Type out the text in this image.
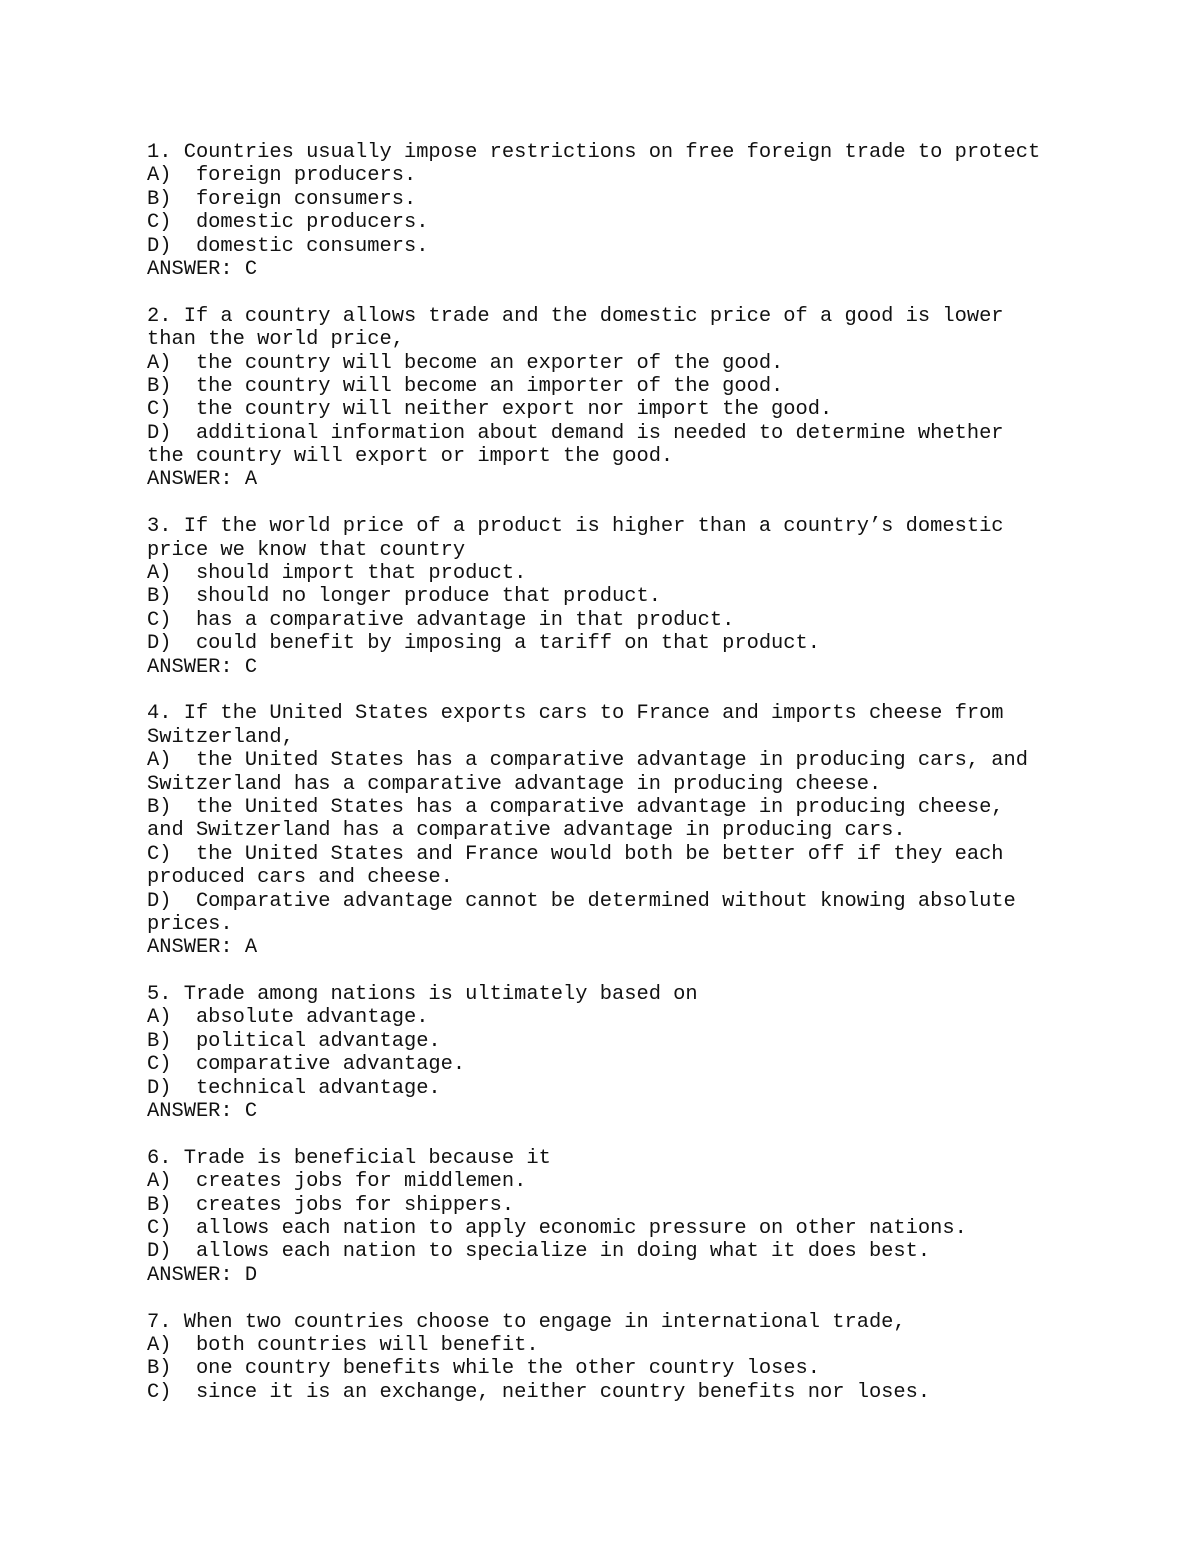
1. Countries usually impose restrictions on free foreign trade to protect
A)  foreign producers.
B)  foreign consumers.
C)  domestic producers.
D)  domestic consumers.
ANSWER: C
2. If a country allows trade and the domestic price of a good is lower
than the world price,
A)  the country will become an exporter of the good.
B)  the country will become an importer of the good.
C)  the country will neither export nor import the good.
D)  additional information about demand is needed to determine whether
the country will export or import the good.
ANSWER: A
3. If the world price of a product is higher than a country’s domestic
price we know that country
A)  should import that product.
B)  should no longer produce that product.
C)  has a comparative advantage in that product.
D)  could benefit by imposing a tariff on that product.
ANSWER: C
4. If the United States exports cars to France and imports cheese from
Switzerland,
A)  the United States has a comparative advantage in producing cars, and
Switzerland has a comparative advantage in producing cheese.
B)  the United States has a comparative advantage in producing cheese,
and Switzerland has a comparative advantage in producing cars.
C)  the United States and France would both be better off if they each
produced cars and cheese.
D)  Comparative advantage cannot be determined without knowing absolute
prices.
ANSWER: A
5. Trade among nations is ultimately based on
A)  absolute advantage.
B)  political advantage.
C)  comparative advantage.
D)  technical advantage.
ANSWER: C
6. Trade is beneficial because it
A)  creates jobs for middlemen.
B)  creates jobs for shippers.
C)  allows each nation to apply economic pressure on other nations.
D)  allows each nation to specialize in doing what it does best.
ANSWER: D
7. When two countries choose to engage in international trade,
A)  both countries will benefit.
B)  one country benefits while the other country loses.
C)  since it is an exchange, neither country benefits nor loses.
